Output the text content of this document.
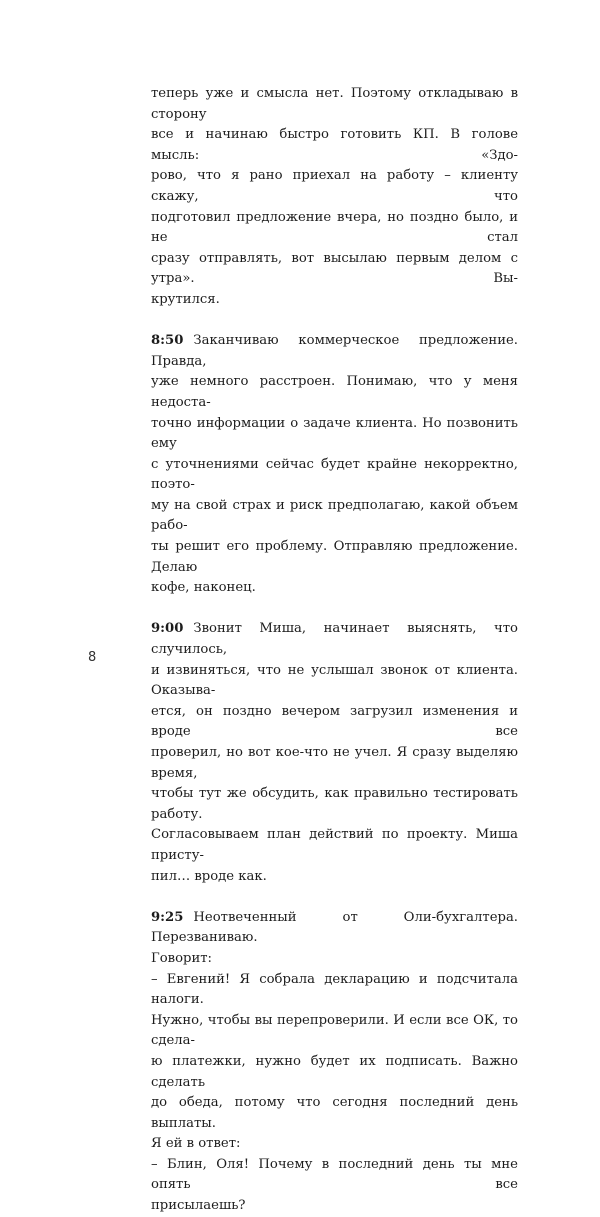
теперь уже и смысла нет. Поэтому откладываю в сторону
все и начинаю быстро готовить КП. В голове мысль: «Здо-
рово, что я рано приехал на работу – клиенту скажу, что
подготовил предложение вчера, но поздно было, и не стал
сразу отправлять, вот высылаю первым делом с утра». Вы-
крутился.

8:50 Заканчиваю коммерческое предложение. Правда,
уже немного расстроен. Понимаю, что у меня недоста-
точно информации о задаче клиента. Но позвонить ему
с уточнениями сейчас будет крайне некорректно, поэто-
му на свой страх и риск предполагаю, какой объем рабо-
ты решит его проблему. Отправляю предложение. Делаю
кофе, наконец.

9:00 Звонит Миша, начинает выяснять, что случилось,
и извиняться, что не услышал звонок от клиента. Оказыва-
ется, он поздно вечером загрузил изменения и вроде все
проверил, но вот кое-что не учел. Я сразу выделяю время,
чтобы тут же обсудить, как правильно тестировать работу.
Согласовываем план действий по проекту. Миша присту-
пил… вроде как.

9:25 Неотвеченный от Оли-бухгалтера. Перезваниваю.
Говорит:
– Евгений! Я собрала декларацию и подсчитала налоги.
Нужно, чтобы вы перепроверили. И если все ОК, то сдела-
ю платежки, нужно будет их подписать. Важно сделать
до обеда, потому что сегодня последний день выплаты.
Я ей в ответ:
– Блин, Оля! Почему в последний день ты мне опять все
присылаешь?

8
